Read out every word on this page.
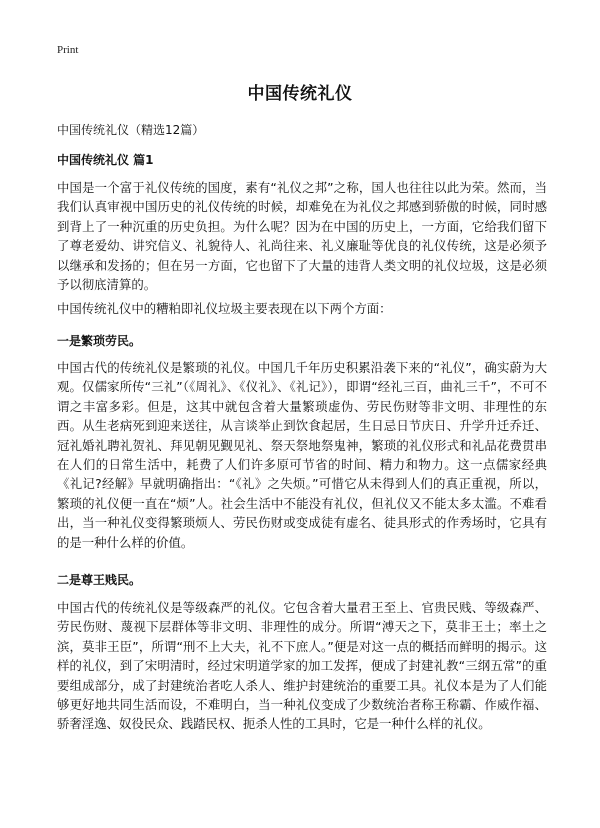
Print
中国传统礼仪
中国传统礼仪（精选12篇）
中国传统礼仪 篇1
中国是一个富于礼仪传统的国度，素有“礼仪之邦”之称，国人也往往以此为荣。然而，当我们认真审视中国历史的礼仪传统的时候，却难免在为礼仪之邦感到骄傲的时候，同时感到背上了一种沉重的历史负担。为什么呢？因为在中国的历史上，一方面，它给我们留下了尊老爱幼、讲究信义、礼貌待人、礼尚往来、礼义廉耻等优良的礼仪传统，这是必须予以继承和发扬的；但在另一方面，它也留下了大量的违背人类文明的礼仪垃圾，这是必须予以彻底清算的。
中国传统礼仪中的糟粕即礼仪垃圾主要表现在以下两个方面：
一是繁琐劳民。
中国古代的传统礼仪是繁琐的礼仪。中国几千年历史积累沿袭下来的“礼仪”，确实蔚为大观。仅儒家所传“三礼”（《周礼》、《仪礼》、《礼记》），即谓“经礼三百，曲礼三千”，不可不谓之丰富多彩。但是，这其中就包含着大量繁琐虚伪、劳民伤财等非文明、非理性的东西。从生老病死到迎来送往，从言谈举止到饮食起居，生日忌日节庆日、升学升迁乔迁、冠礼婚礼聘礼贺礼、拜见朝见觐见礼、祭天祭地祭鬼神，繁琐的礼仪形式和礼品花费贯串在人们的日常生活中，耗费了人们许多原可节省的时间、精力和物力。这一点儒家经典《礼记?经解》早就明确指出：“《礼》之失烦。”可惜它从未得到人们的真正重视，所以，繁琐的礼仪便一直在“烦”人。社会生活中不能没有礼仪，但礼仪又不能太多太滥。不难看出，当一种礼仪变得繁琐烦人、劳民伤财或变成徒有虚名、徒具形式的作秀场时，它具有的是一种什么样的价值。
二是尊王贱民。
中国古代的传统礼仪是等级森严的礼仪。它包含着大量君王至上、官贵民贱、等级森严、劳民伤财、蔑视下层群体等非文明、非理性的成分。所谓“溥天之下，莫非王土；率土之滨，莫非王臣”，所谓“刑不上大夫，礼不下庶人。”便是对这一点的概括而鲜明的揭示。这样的礼仪，到了宋明清时，经过宋明道学家的加工发挥，便成了封建礼教“三纲五常”的重要组成部分，成了封建统治者吃人杀人、维护封建统治的重要工具。礼仪本是为了人们能够更好地共同生活而设，不难明白，当一种礼仪变成了少数统治者称王称霸、作威作福、骄奢淫逸、奴役民众、践踏民权、扼杀人性的工具时，它是一种什么样的礼仪。
